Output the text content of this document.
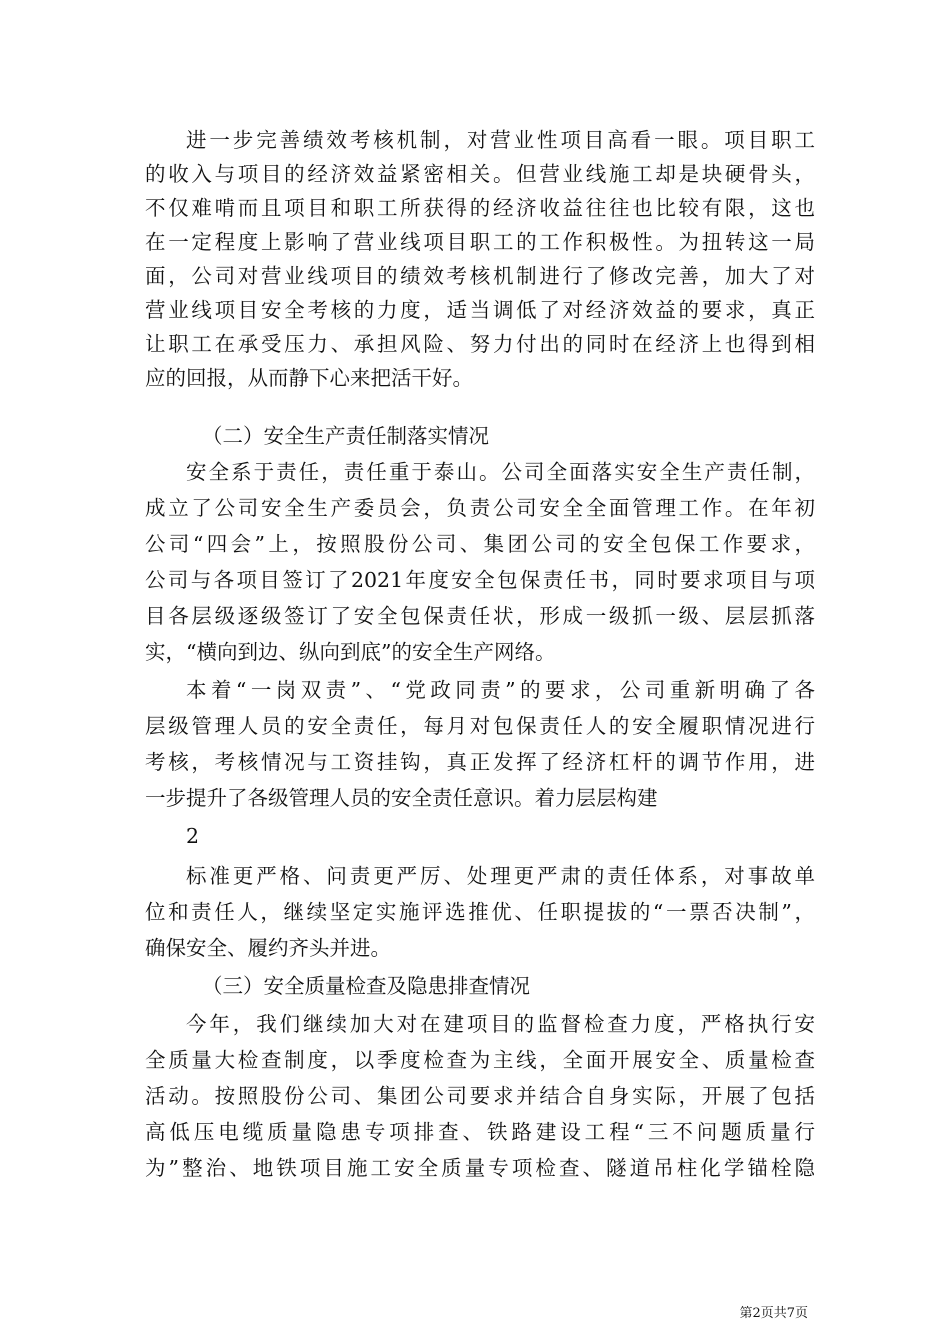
进一步完善绩效考核机制，对营业性项目高看一眼。项目职工
的收入与项目的经济效益紧密相关。但营业线施工却是块硬骨头，
不仅难啃而且项目和职工所获得的经济收益往往也比较有限，这也
在一定程度上影响了营业线项目职工的工作积极性。为扭转这一局
面，公司对营业线项目的绩效考核机制进行了修改完善，加大了对
营业线项目安全考核的力度，适当调低了对经济效益的要求，真正
让职工在承受压力、承担风险、努力付出的同时在经济上也得到相
应的回报，从而静下心来把活干好。
（二）安全生产责任制落实情况
安全系于责任，责任重于泰山。公司全面落实安全生产责任制，
成立了公司安全生产委员会，负责公司安全全面管理工作。在年初
公司“四会”上，按照股份公司、集团公司的安全包保工作要求，
公司与各项目签订了2021年度安全包保责任书，同时要求项目与项
目各层级逐级签订了安全包保责任状，形成一级抓一级、层层抓落
实，“横向到边、纵向到底”的安全生产网络。
本着“一岗双责”、“党政同责”的要求，公司重新明确了各
层级管理人员的安全责任，每月对包保责任人的安全履职情况进行
考核，考核情况与工资挂钩，真正发挥了经济杠杆的调节作用，进
一步提升了各级管理人员的安全责任意识。着力层层构建
2
标准更严格、问责更严厉、处理更严肃的责任体系，对事故单
位和责任人，继续坚定实施评选推优、任职提拔的“一票否决制”，
确保安全、履约齐头并进。
（三）安全质量检查及隐患排查情况
今年，我们继续加大对在建项目的监督检查力度，严格执行安
全质量大检查制度，以季度检查为主线，全面开展安全、质量检查
活动。按照股份公司、集团公司要求并结合自身实际，开展了包括
高低压电缆质量隐患专项排查、铁路建设工程“三不问题质量行
为”整治、地铁项目施工安全质量专项检查、隧道吊柱化学锚栓隐
第2页共7页
